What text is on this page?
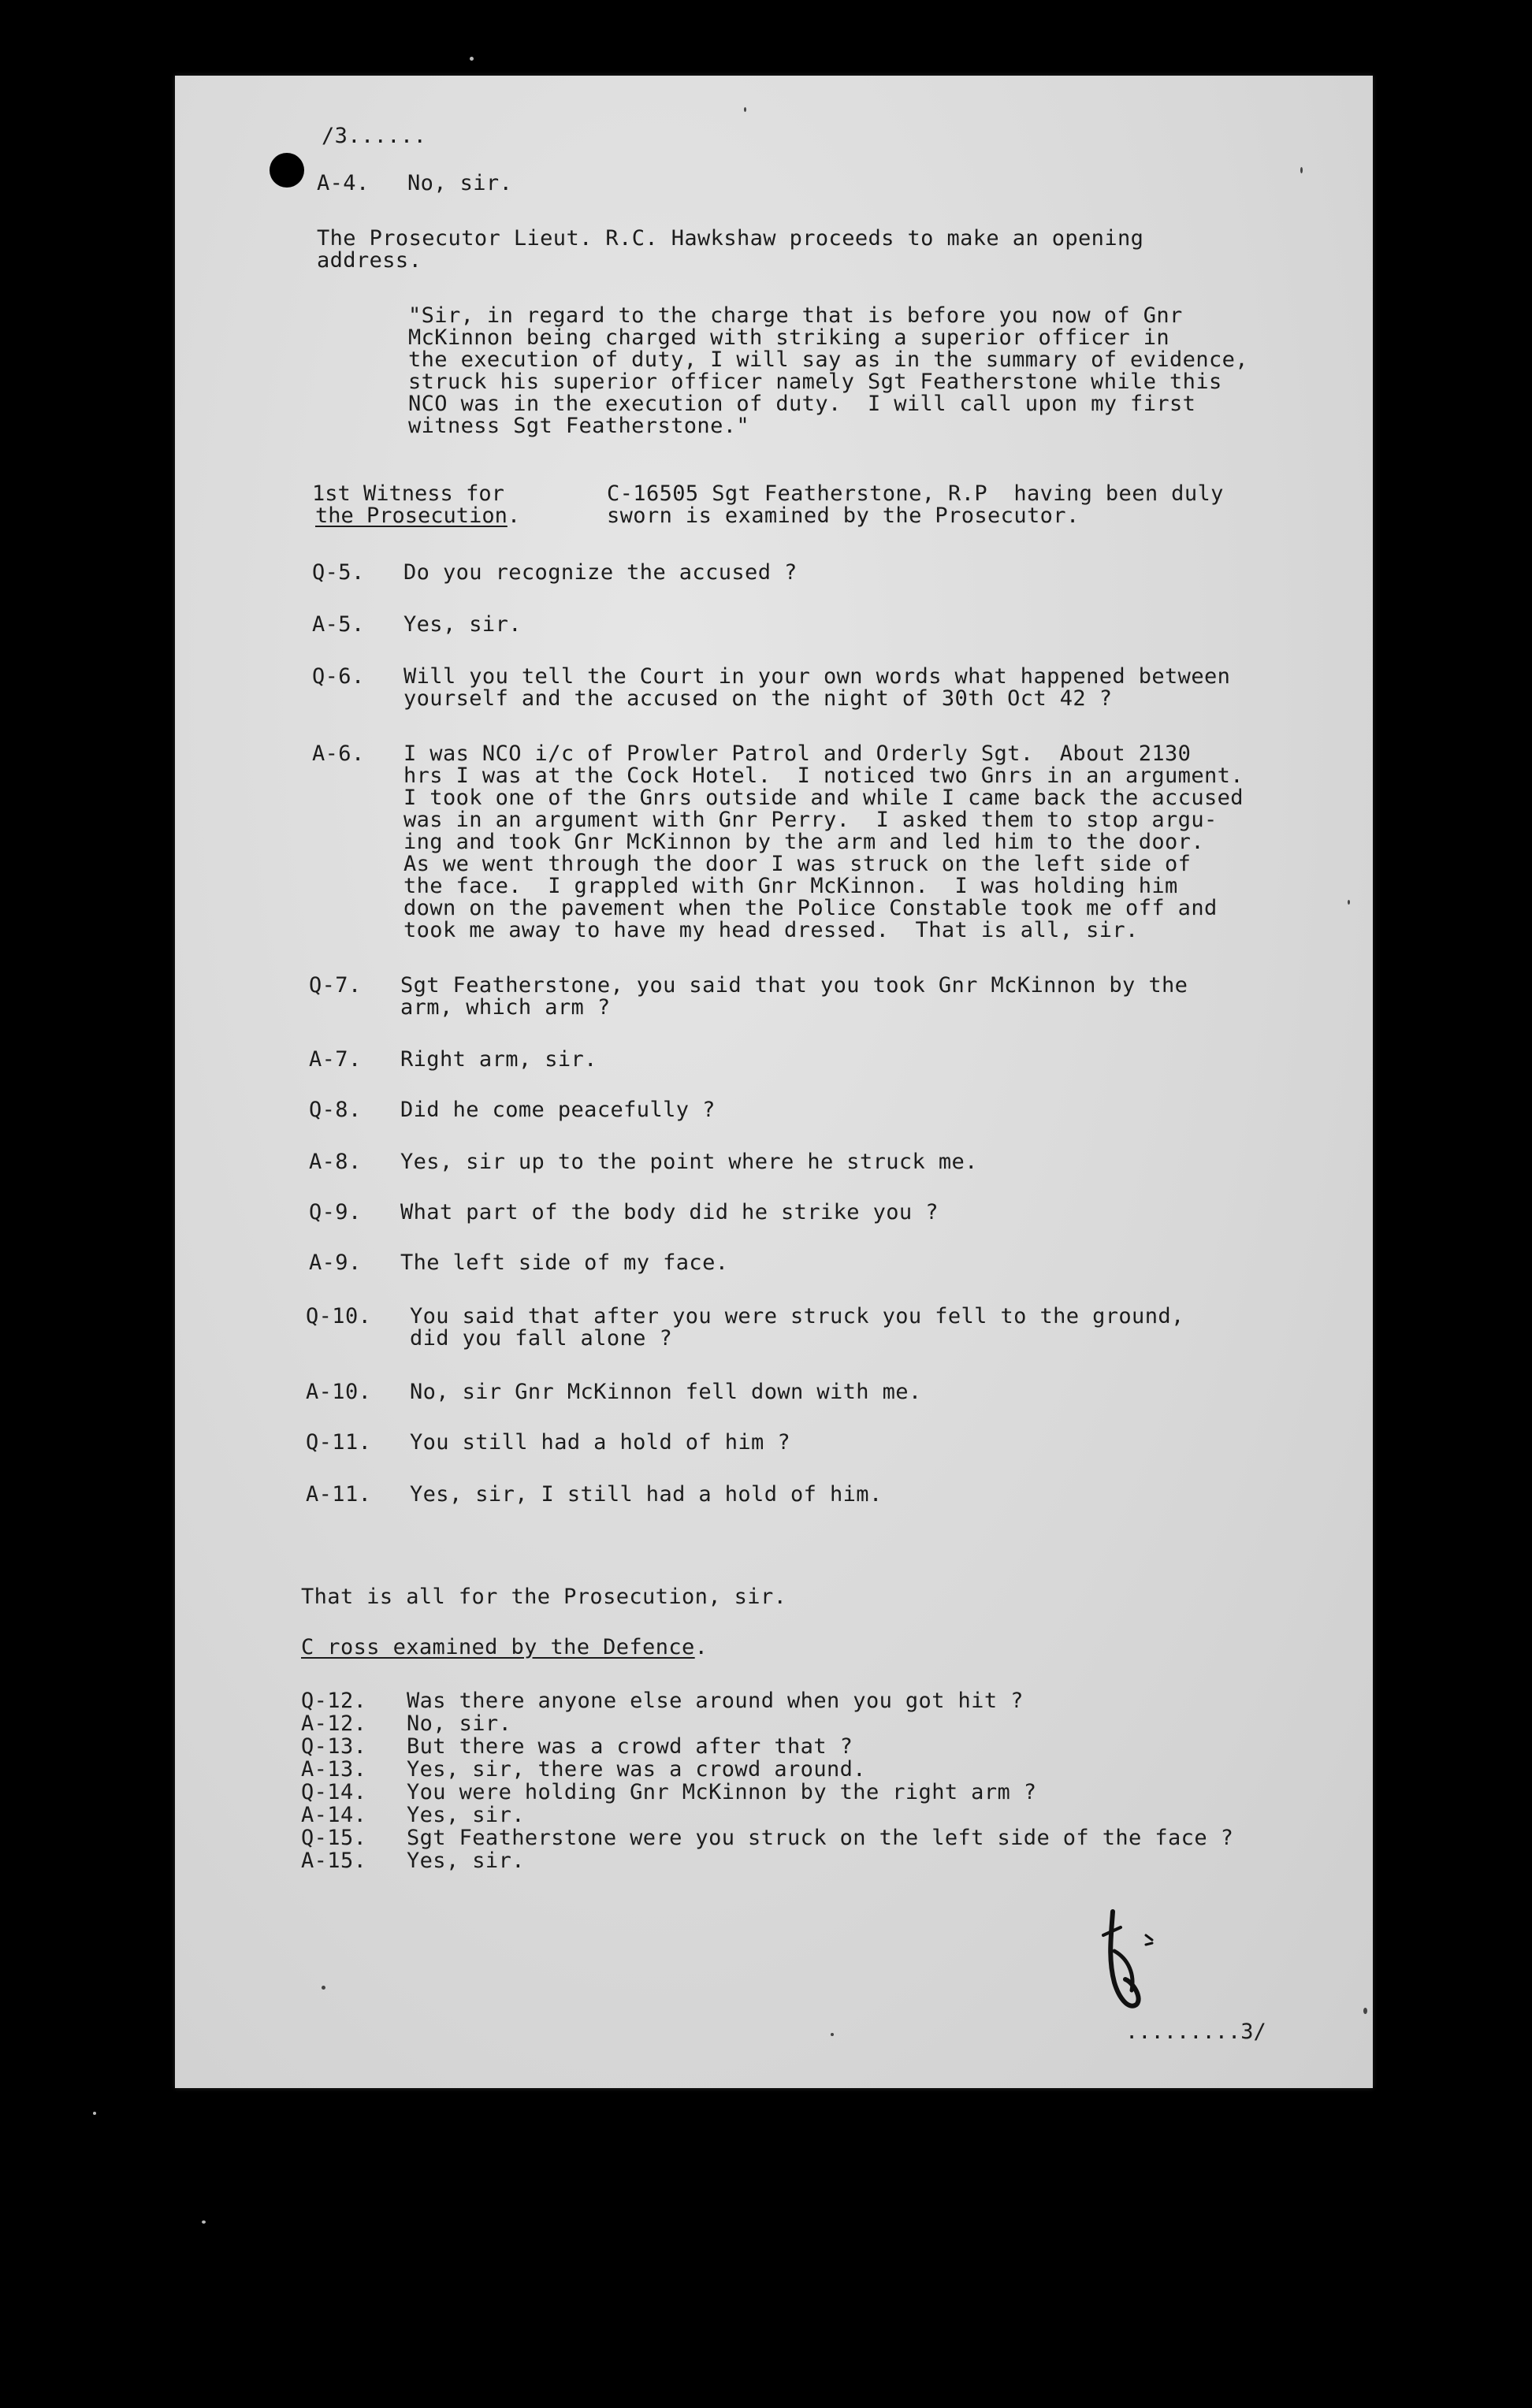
/3......
A-4. No, sir.
The Prosecutor Lieut. R.C. Hawkshaw proceeds to make an opening
address.
"Sir, in regard to the charge that is before you now of Gnr
McKinnon being charged with striking a superior officer in
the execution of duty, I will say as in the summary of evidence,
struck his superior officer namely Sgt Featherstone while this
NCO was in the execution of duty.  I will call upon my first
witness Sgt Featherstone."
1st Witness for
the Prosecution.
C-16505 Sgt Featherstone, R.P  having been duly
sworn is examined by the Prosecutor.
Q-5. Do you recognize the accused ?
A-5. Yes, sir.
Q-6. Will you tell the Court in your own words what happened between
yourself and the accused on the night of 30th Oct 42 ?
A-6. I was NCO i/c of Prowler Patrol and Orderly Sgt.  About 2130
hrs I was at the Cock Hotel.  I noticed two Gnrs in an argument.
I took one of the Gnrs outside and while I came back the accused
was in an argument with Gnr Perry.  I asked them to stop argu-
ing and took Gnr McKinnon by the arm and led him to the door.
As we went through the door I was struck on the left side of
the face.  I grappled with Gnr McKinnon.  I was holding him
down on the pavement when the Police Constable took me off and
took me away to have my head dressed.  That is all, sir.
Q-7. Sgt Featherstone, you said that you took Gnr McKinnon by the
arm, which arm ?
A-7. Right arm, sir.
Q-8. Did he come peacefully ?
A-8. Yes, sir up to the point where he struck me.
Q-9. What part of the body did he strike you ?
A-9. The left side of my face.
Q-10. You said that after you were struck you fell to the ground,
did you fall alone ?
A-10. No, sir Gnr McKinnon fell down with me.
Q-11. You still had a hold of him ?
A-11. Yes, sir, I still had a hold of him.
That is all for the Prosecution, sir.
C ross examined by the Defence.
Q-12. Was there anyone else around when you got hit ?
A-12. No, sir.
Q-13. But there was a crowd after that ?
A-13. Yes, sir, there was a crowd around.
Q-14. You were holding Gnr McKinnon by the right arm ?
A-14. Yes, sir.
Q-15. Sgt Featherstone were you struck on the left side of the face ?
A-15. Yes, sir.
.........3/
